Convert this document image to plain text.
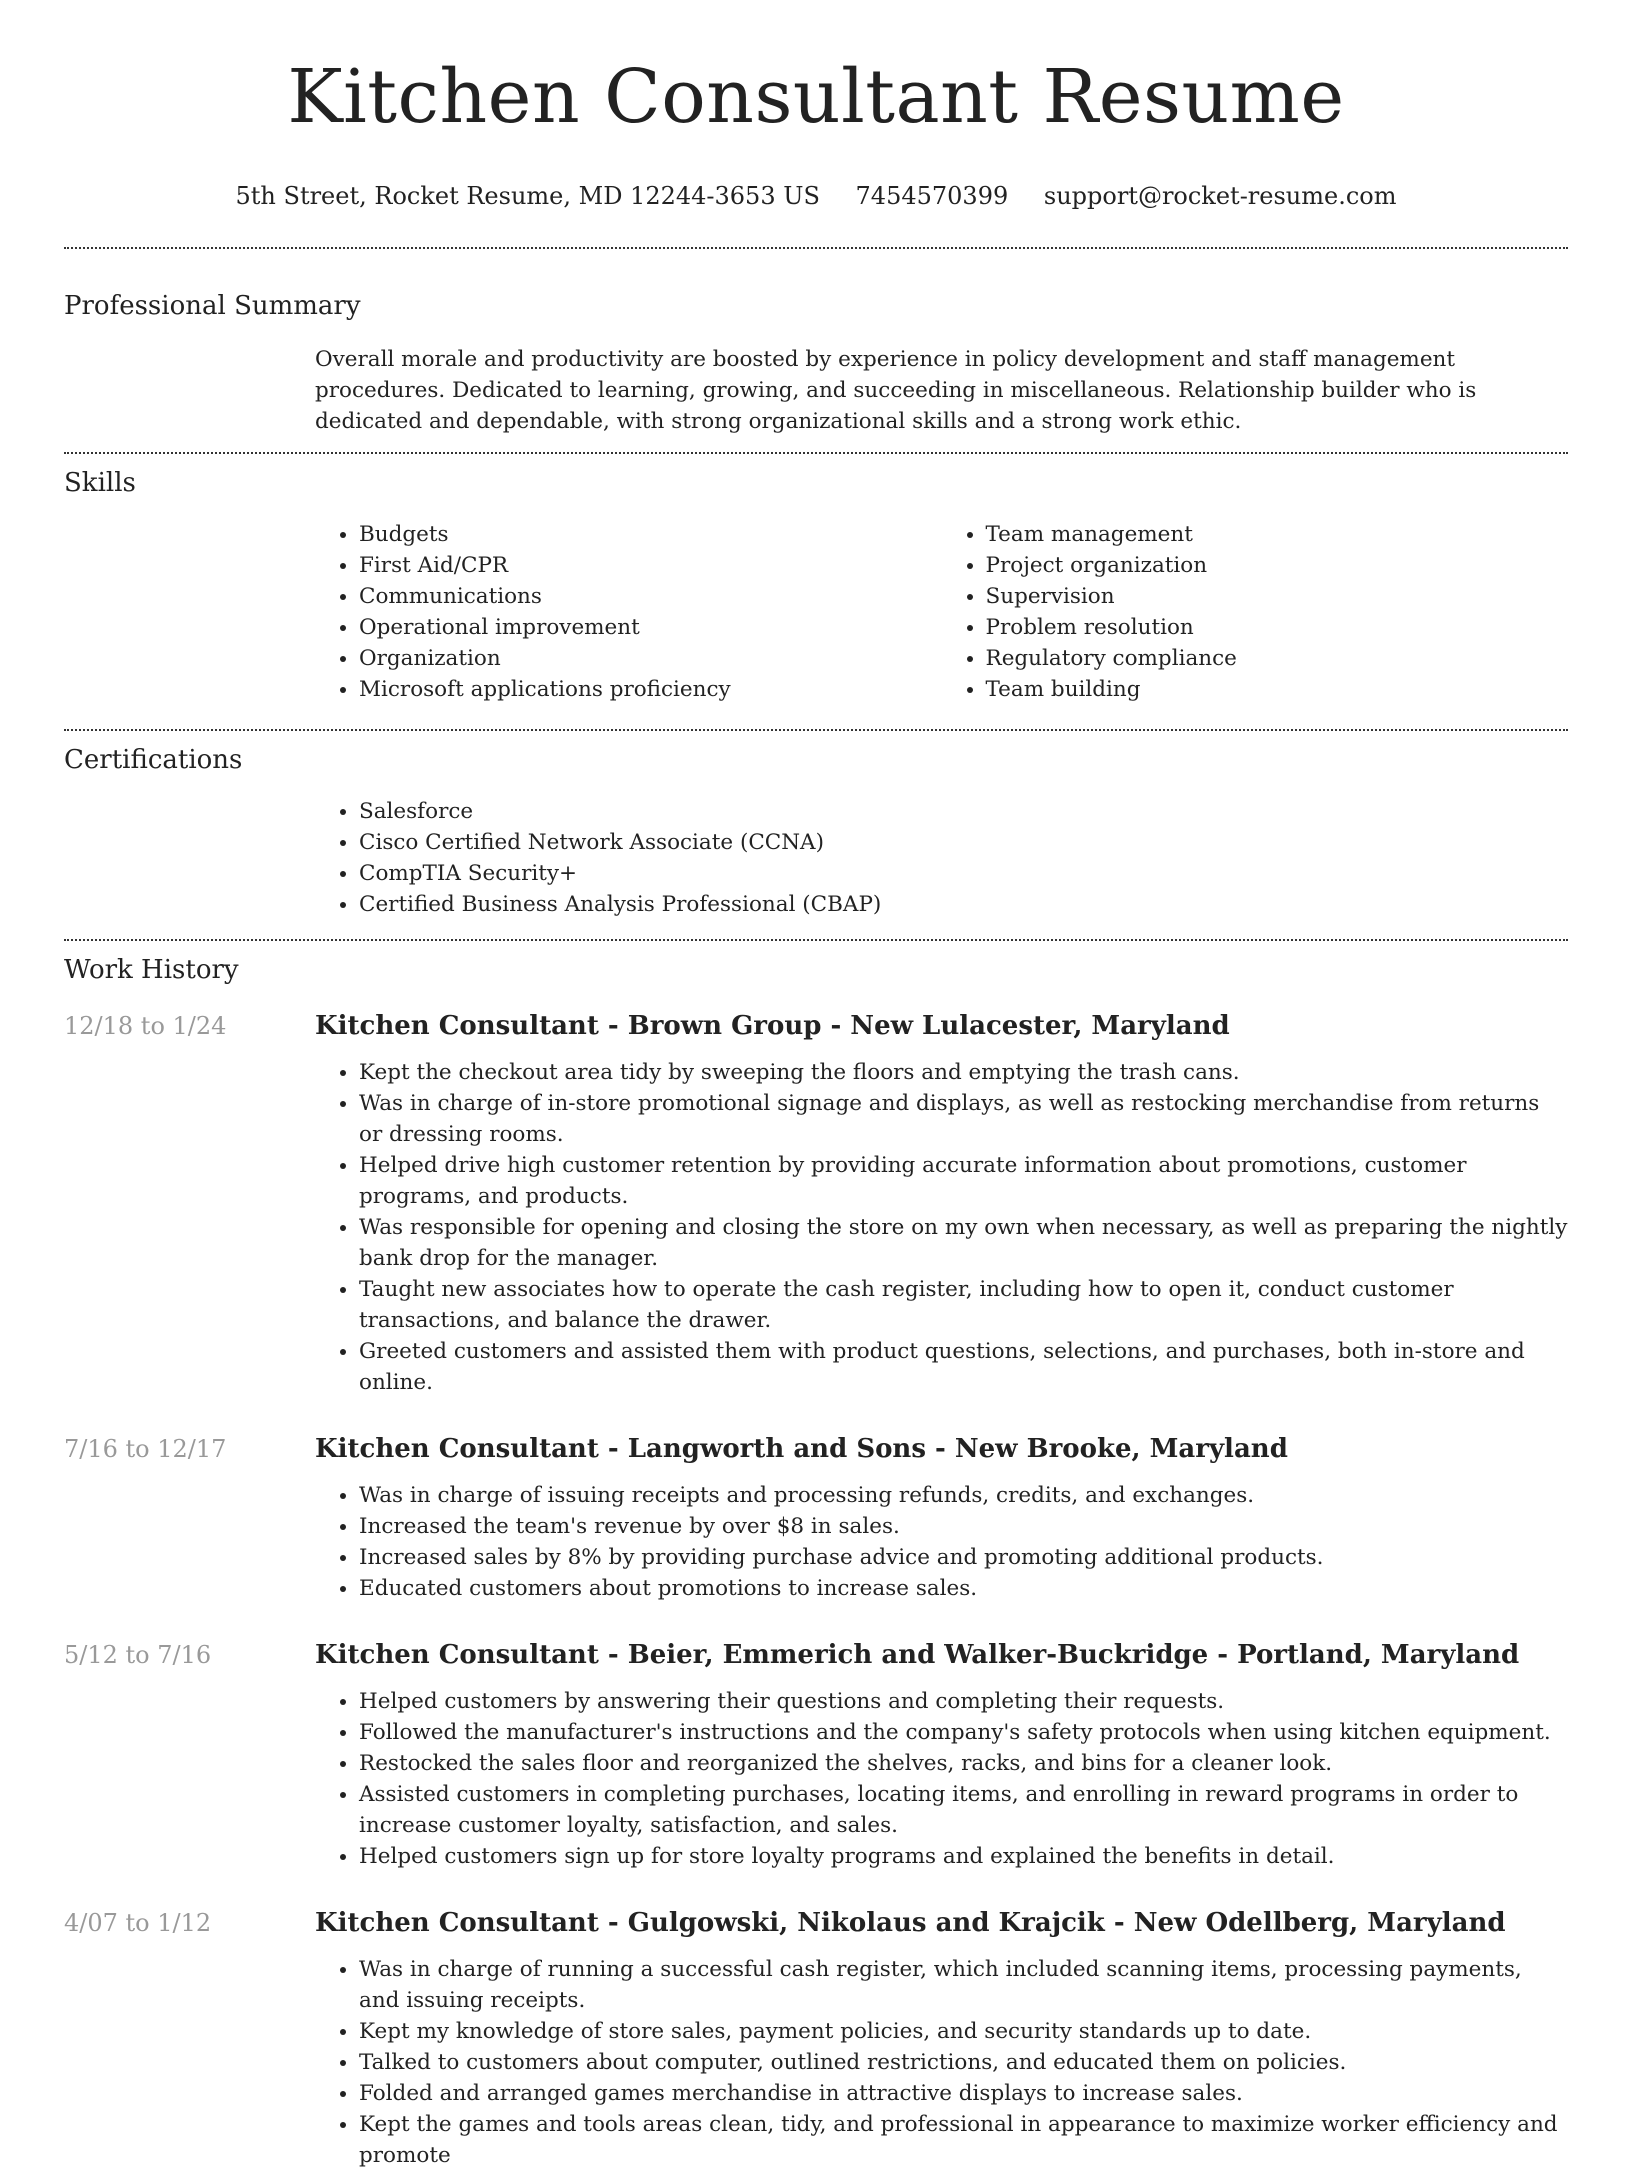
Kitchen Consultant Resume
5th Street, Rocket Resume, MD 12244-3653 US 7454570399 support@rocket-resume.com
Professional Summary

Overall morale and productivity are boosted by experience in policy development and staff management procedures. Dedicated to learning, growing, and succeeding in miscellaneous. Relationship builder who is dedicated and dependable, with strong organizational skills and a strong work ethic.

Skills
• Budgets
• First Aid/CPR
• Communications
• Operational improvement
• Organization
• Microsoft applications proficiency
• Team management
• Project organization
• Supervision
• Problem resolution
• Regulatory compliance
• Team building
Certifications
• Salesforce
• Cisco Certified Network Associate (CCNA)
• CompTIA Security+
• Certified Business Analysis Professional (CBAP)
Work History
12/18 to 1/24	Kitchen Consultant - Brown Group - New Lulacester, Maryland
• Kept the checkout area tidy by sweeping the floors and emptying the trash cans.
• Was in charge of in-store promotional signage and displays, as well as restocking merchandise from returns or dressing rooms.
• Helped drive high customer retention by providing accurate information about promotions, customer programs, and products.
• Was responsible for opening and closing the store on my own when necessary, as well as preparing the nightly bank drop for the manager.
• Taught new associates how to operate the cash register, including how to open it, conduct customer transactions, and balance the drawer.
• Greeted customers and assisted them with product questions, selections, and purchases, both in-store and online.
7/16 to 12/17	Kitchen Consultant - Langworth and Sons - New Brooke, Maryland
• Was in charge of issuing receipts and processing refunds, credits, and exchanges.
• Increased the team's revenue by over $8 in sales.
• Increased sales by 8% by providing purchase advice and promoting additional products.
• Educated customers about promotions to increase sales.
5/12 to 7/16	Kitchen Consultant - Beier, Emmerich and Walker-Buckridge - Portland, Maryland
• Helped customers by answering their questions and completing their requests.
• Followed the manufacturer's instructions and the company's safety protocols when using kitchen equipment.
• Restocked the sales floor and reorganized the shelves, racks, and bins for a cleaner look.
• Assisted customers in completing purchases, locating items, and enrolling in reward programs in order to increase customer loyalty, satisfaction, and sales.
• Helped customers sign up for store loyalty programs and explained the benefits in detail.
4/07 to 1/12	Kitchen Consultant - Gulgowski, Nikolaus and Krajcik - New Odellberg, Maryland
• Was in charge of running a successful cash register, which included scanning items, processing payments, and issuing receipts.
• Kept my knowledge of store sales, payment policies, and security standards up to date.
• Talked to customers about computer, outlined restrictions, and educated them on policies.
• Folded and arranged games merchandise in attractive displays to increase sales.
• Kept the games and tools areas clean, tidy, and professional in appearance to maximize worker efficiency and promote
